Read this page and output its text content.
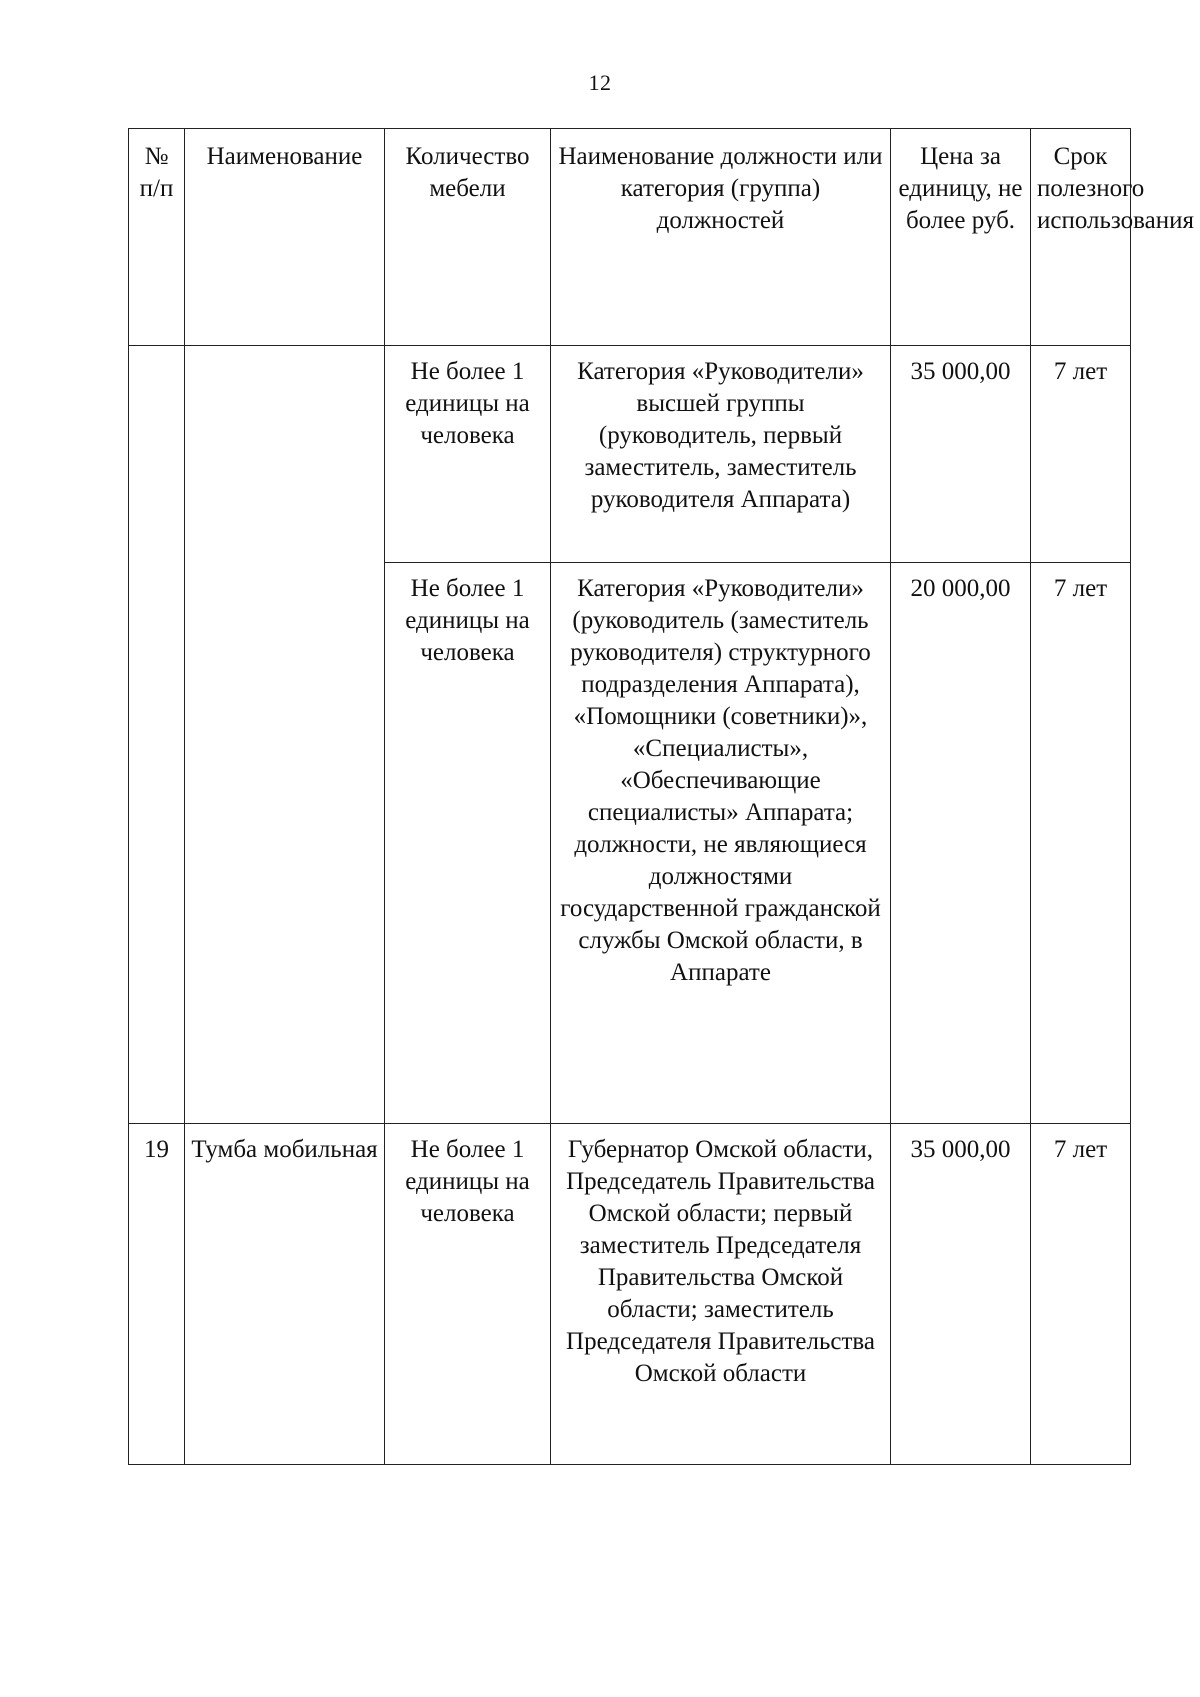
12
№ п/п	Наименование	Количество мебели	Наименование должности или категория (группа) должностей	Цена за единицу, не более руб.	Срок полезного использования
		Не более 1 единицы на человека	Категория «Руководители» высшей группы (руководитель, первый заместитель, заместитель руководителя Аппарата)	35 000,00	7 лет
		Не более 1 единицы на человека	Категория «Руководители» (руководитель (заместитель руководителя) структурного подразделения Аппарата), «Помощники (советники)», «Специалисты», «Обеспечивающие специалисты» Аппарата; должности, не являющиеся должностями государственной гражданской службы Омской области, в Аппарате	20 000,00	7 лет
19	Тумба мобильная	Не более 1 единицы на человека	Губернатор Омской области, Председатель Правительства Омской области; первый заместитель Председателя Правительства Омской области; заместитель Председателя Правительства Омской области	35 000,00	7 лет
